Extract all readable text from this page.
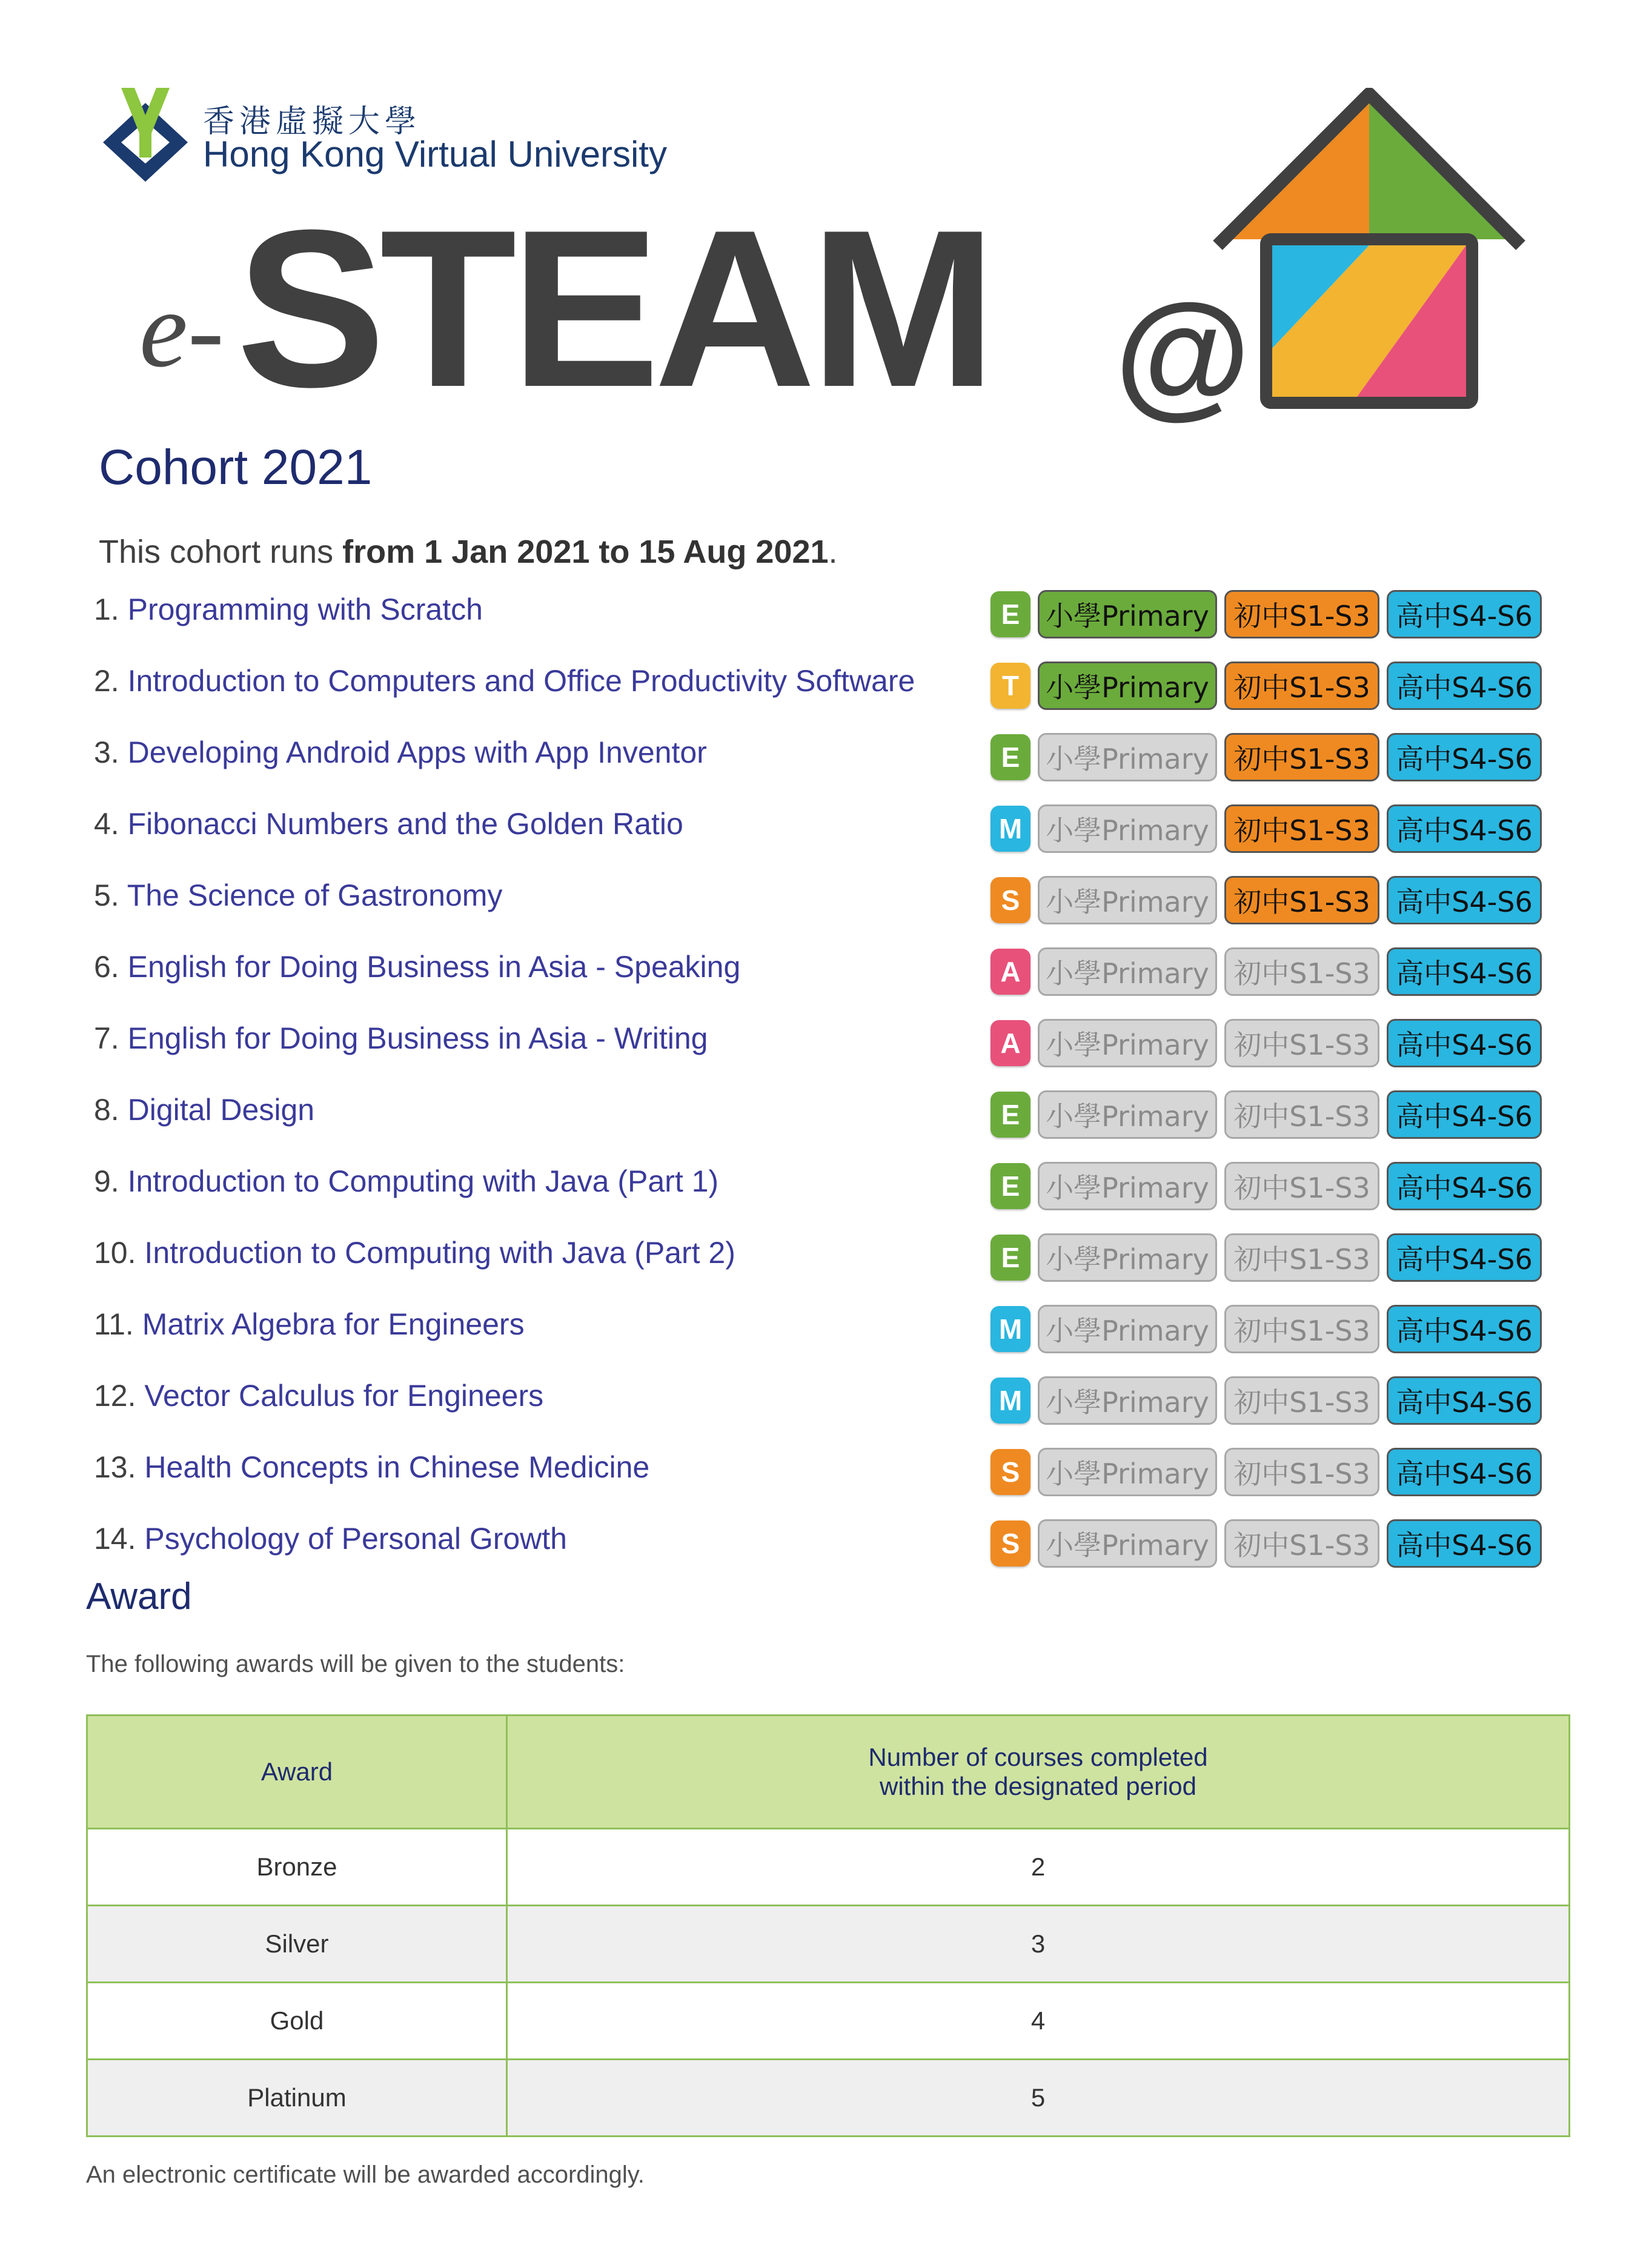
香港虛擬大學
Hong Kong Virtual University
e- STEAM @
Cohort 2021
This cohort runs from 1 Jan 2021 to 15 Aug 2021.
1. Programming with Scratch	E 小學Primary 初中S1-S3 高中S4-S6
2. Introduction to Computers and Office Productivity Software	T 小學Primary 初中S1-S3 高中S4-S6
3. Developing Android Apps with App Inventor	E 小學Primary 初中S1-S3 高中S4-S6
4. Fibonacci Numbers and the Golden Ratio	M 小學Primary 初中S1-S3 高中S4-S6
5. The Science of Gastronomy	S 小學Primary 初中S1-S3 高中S4-S6
6. English for Doing Business in Asia - Speaking	A 小學Primary 初中S1-S3 高中S4-S6
7. English for Doing Business in Asia - Writing	A 小學Primary 初中S1-S3 高中S4-S6
8. Digital Design	E 小學Primary 初中S1-S3 高中S4-S6
9. Introduction to Computing with Java (Part 1)	E 小學Primary 初中S1-S3 高中S4-S6
10. Introduction to Computing with Java (Part 2)	E 小學Primary 初中S1-S3 高中S4-S6
11. Matrix Algebra for Engineers	M 小學Primary 初中S1-S3 高中S4-S6
12. Vector Calculus for Engineers	M 小學Primary 初中S1-S3 高中S4-S6
13. Health Concepts in Chinese Medicine	S 小學Primary 初中S1-S3 高中S4-S6
14. Psychology of Personal Growth	S 小學Primary 初中S1-S3 高中S4-S6
Award
The following awards will be given to the students:
Award	Number of courses completed
within the designated period
Bronze	2
Silver	3
Gold	4
Platinum	5
An electronic certificate will be awarded accordingly.
